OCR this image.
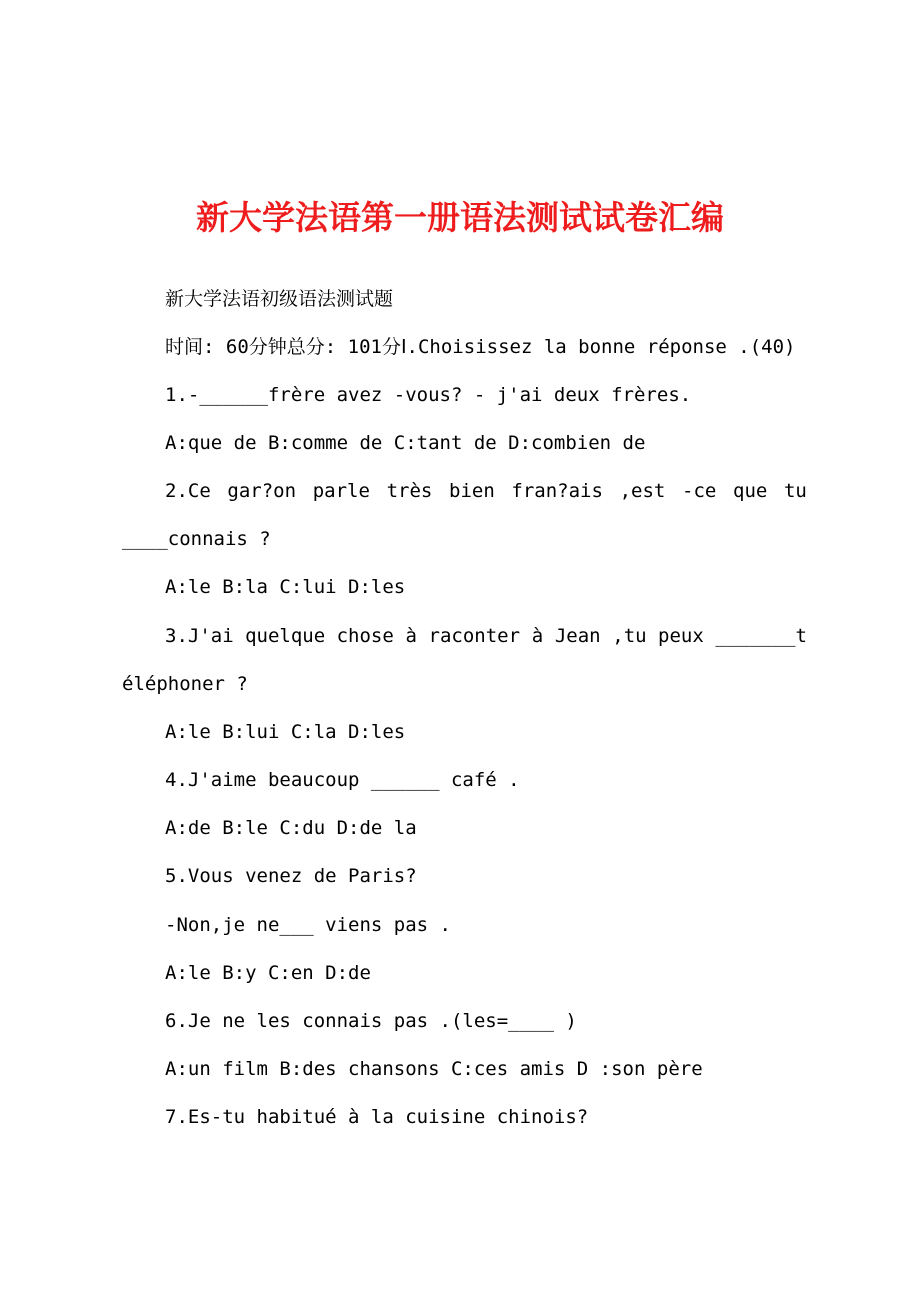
新大学法语第一册语法测试试卷汇编
新大学法语初级语法测试题
时间: 60分钟总分: 101分Ⅰ.Choisissez la bonne réponse .(40)
1.-______frère avez -vous? - j'ai deux frères.
A:que de B:comme de C:tant de D:combien de
2.Ce gar?on parle très bien fran?ais ,est -ce que tu
____connais ?
A:le B:la C:lui D:les
3.J'ai quelque chose à raconter à Jean ,tu peux _______t
éléphoner ?
A:le B:lui C:la D:les
4.J'aime beaucoup ______ café .
A:de B:le C:du D:de la
5.Vous venez de Paris?
-Non,je ne___ viens pas .
A:le B:y C:en D:de
6.Je ne les connais pas .(les=____ )
A:un film B:des chansons C:ces amis D :son père
7.Es-tu habitué à la cuisine chinois?
